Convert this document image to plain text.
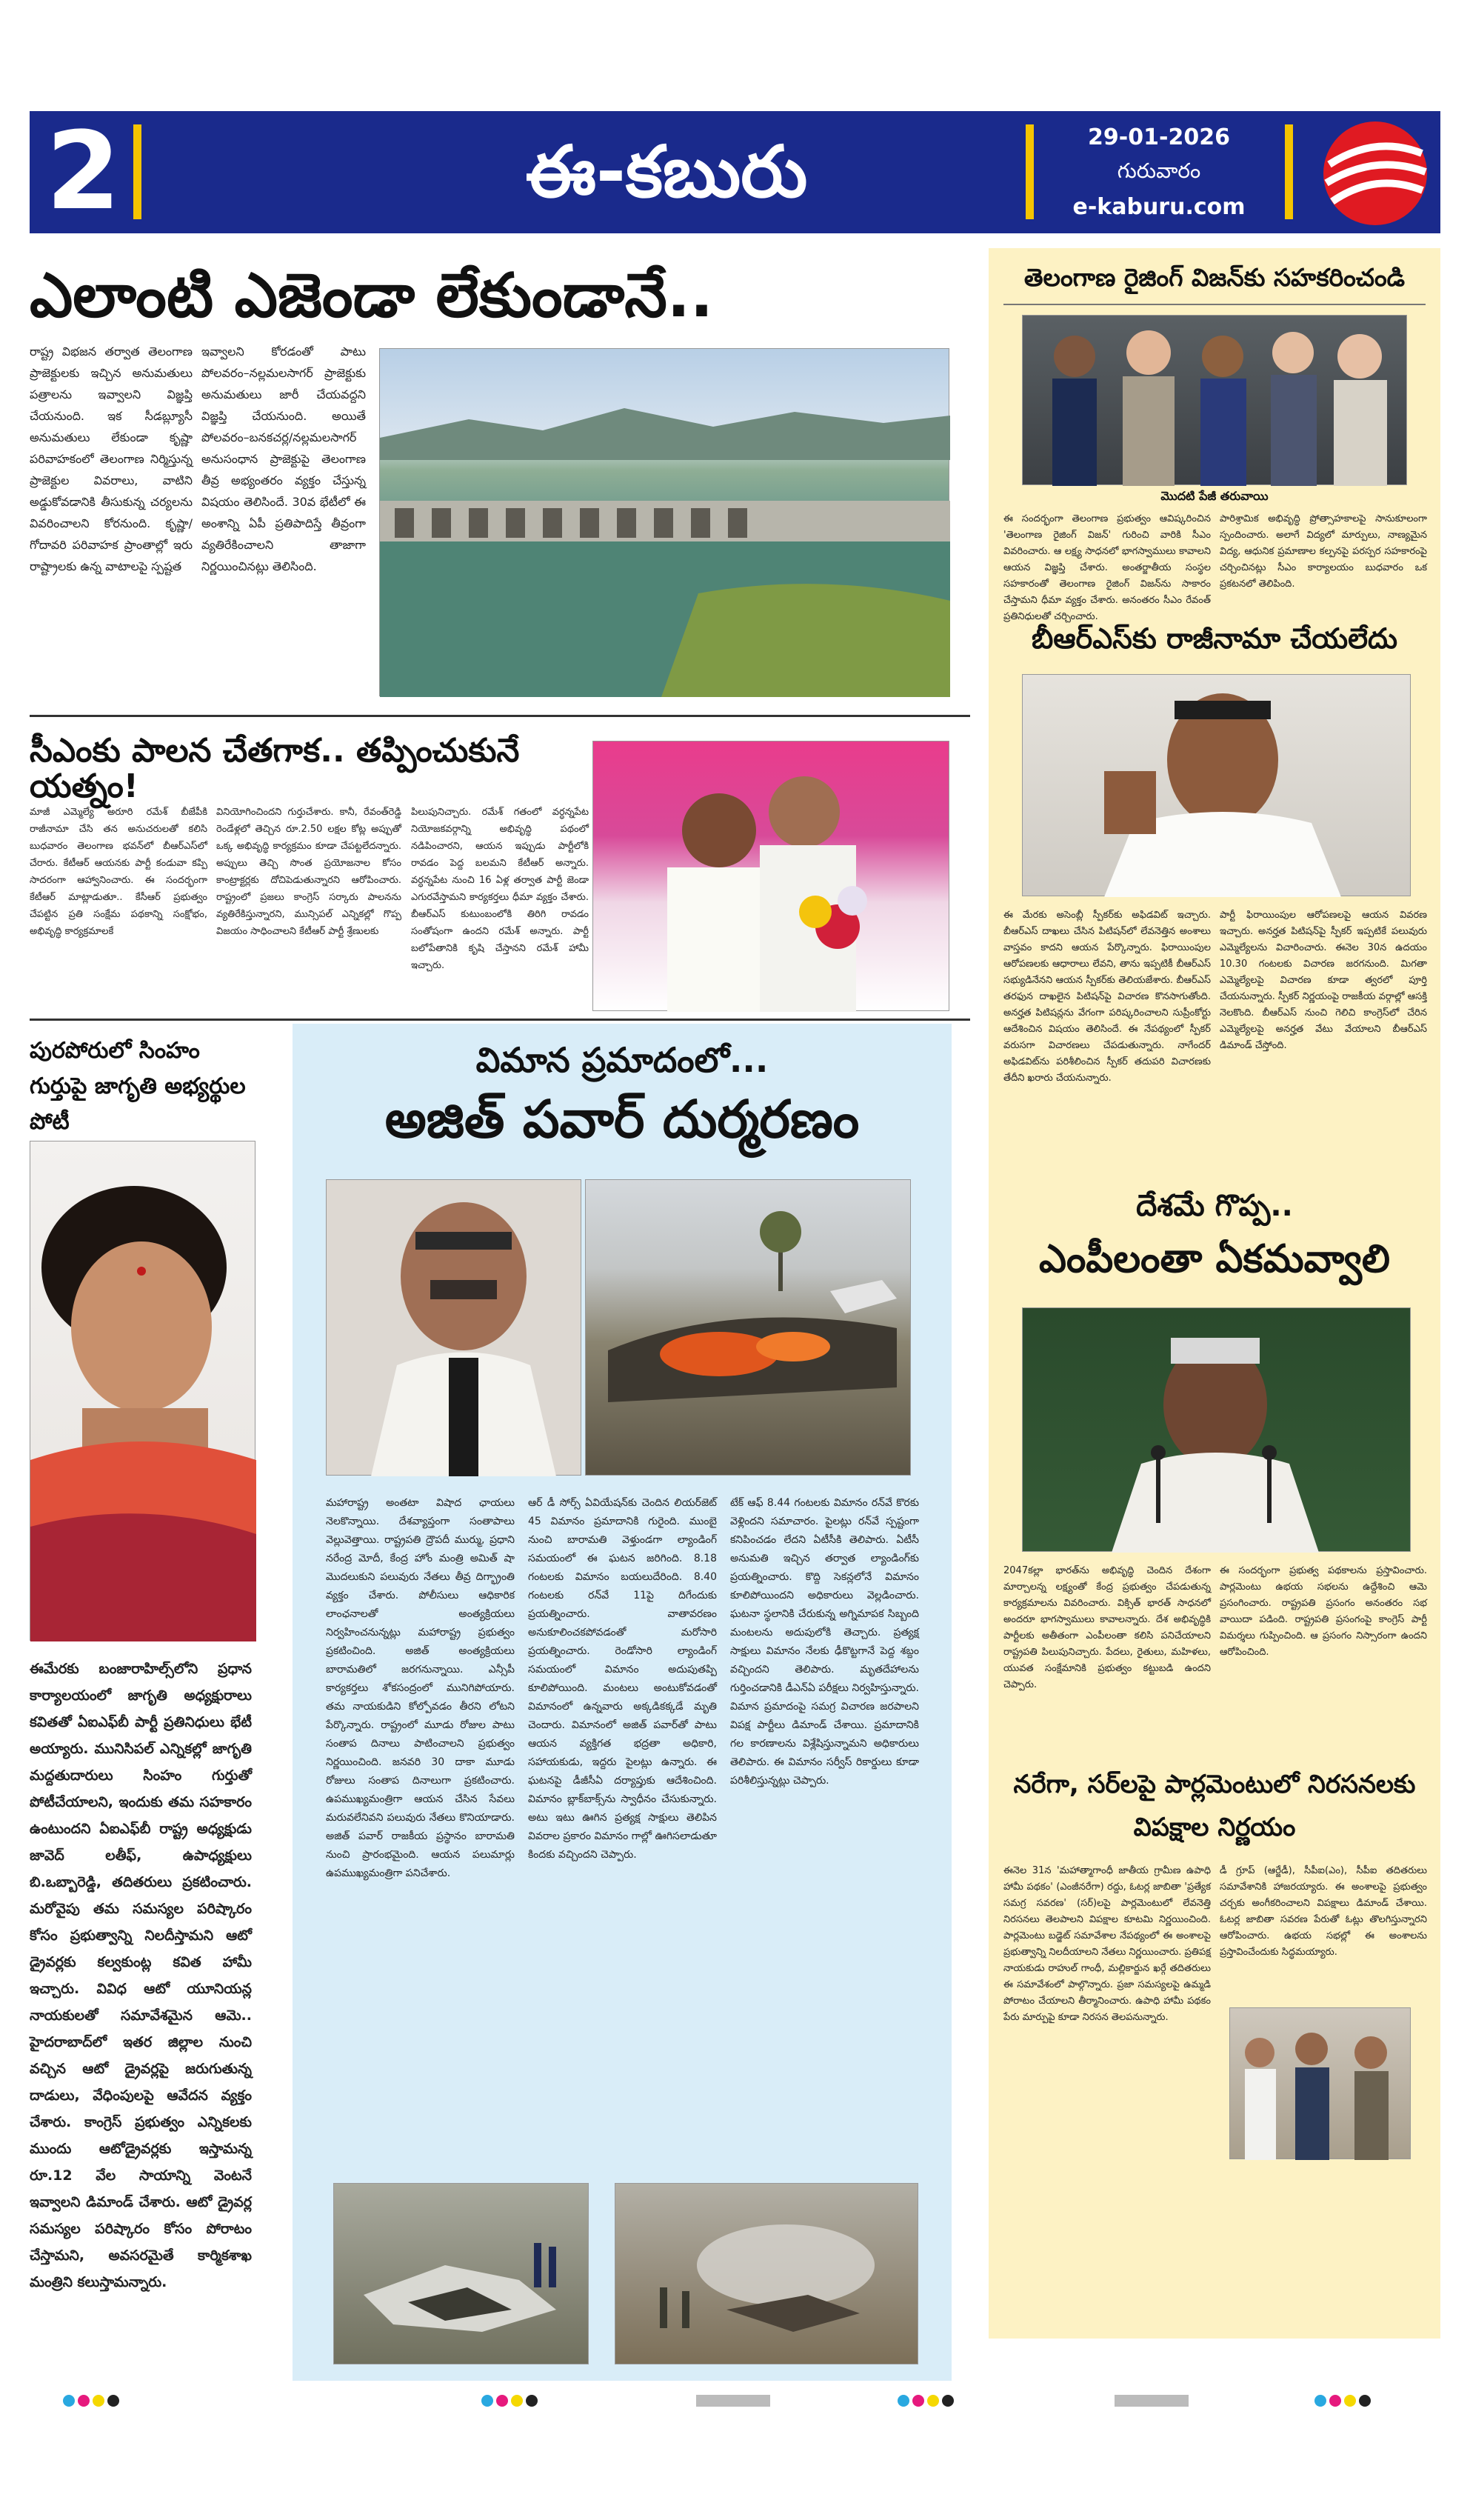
2	ఈ-కబురు	29-01-2026
గురువారం
e-kaburu.com
ఎలాంటి ఎజెండా లేకుండానే..
రాష్ట్ర విభజన తర్వాత తెలంగాణ ప్రాజెక్టులకు ఇచ్చిన అనుమతులు పత్రాలను ఇవ్వాలని విజ్ఞప్తి చేయనుంది. ఇక సీడబ్ల్యూసీ అనుమతులు లేకుండా కృష్ణా పరివాహకంలో తెలంగాణ నిర్మిస్తున్న ప్రాజెక్టుల వివరాలు, వాటిని అడ్డుకోవడానికి తీసుకున్న చర్యలను వివరించాలని కోరనుంది. కృష్ణా/గోదావరి పరివాహక ప్రాంతాల్లో ఇరు రాష్ట్రాలకు ఉన్న వాటాలపై స్పష్టత
ఇవ్వాలని కోరడంతో పాటు పోలవరం–నల్లమలసాగర్ ప్రాజెక్టుకు అనుమతులు జారీ చేయవద్దని విజ్ఞప్తి చేయనుంది. అయితే పోలవరం–బనకచర్ల/నల్లమలసాగర్ అనుసంధాన ప్రాజెక్టుపై తెలంగాణ తీవ్ర అభ్యంతరం వ్యక్తం చేస్తున్న విషయం తెలిసిందే. 30వ భేటీలో ఈ అంశాన్ని ఏపీ ప్రతిపాదిస్తే తీవ్రంగా వ్యతిరేకించాలని తాజాగా నిర్ణయించినట్లు తెలిసింది.
సీఎంకు పాలన చేతగాక.. తప్పించుకునే యత్నం!
మాజీ ఎమ్మెల్యే అరూరి రమేశ్ బీజేపీకి రాజీనామా చేసి తన అనుచరులతో కలిసి బుధవారం తెలంగాణ భవన్‌లో బీఆర్‌ఎస్‌లో చేరారు. కేటీఆర్ ఆయనకు పార్టీ కండువా కప్పి సాదరంగా ఆహ్వానించారు. ఈ సందర్భంగా కేటీఆర్ మాట్లాడుతూ.. కేసీఆర్ ప్రభుత్వం చేపట్టిన ప్రతి సంక్షేమ పథకాన్ని సంక్షోభం, అభివృద్ధి కార్యక్రమాలకే
వినియోగించిందని గుర్తుచేశారు. కానీ, రేవంత్‌రెడ్డి రెండేళ్లలో తెచ్చిన రూ.2.50 లక్షల కోట్ల అప్పుతో ఒక్క అభివృద్ధి కార్యక్రమం కూడా చేపట్టలేదన్నారు. అప్పులు తెచ్చి సొంత ప్రయోజనాల కోసం కాంట్రాక్టర్లకు దోచిపెడుతున్నారని ఆరోపించారు. రాష్ట్రంలో ప్రజలు కాంగ్రెస్ సర్కారు పాలనను వ్యతిరేకిస్తున్నారని, మున్సిపల్ ఎన్నికల్లో గొప్ప విజయం సాధించాలని కేటీఆర్ పార్టీ శ్రేణులకు
పిలుపునిచ్చారు. రమేశ్ గతంలో వర్ధన్నపేట నియోజకవర్గాన్ని అభివృద్ధి పథంలో నడిపించారని, ఆయన ఇప్పుడు పార్టీలోకి రావడం పెద్ద బలమని కేటీఆర్ అన్నారు. వర్ధన్నపేట నుంచి 16 ఏళ్ల తర్వాత పార్టీ జెండా ఎగురవేస్తామని కార్యకర్తలు ధీమా వ్యక్తం చేశారు. బీఆర్‌ఎస్ కుటుంబంలోకి తిరిగి రావడం సంతోషంగా ఉందని రమేశ్ అన్నారు. పార్టీ బలోపేతానికి కృషి చేస్తానని రమేశ్ హామీ ఇచ్చారు.
పురపోరులో సింహం గుర్తుపై జాగృతి అభ్యర్థుల పోటీ
ఈమేరకు బంజారాహిల్స్‌లోని ప్రధాన కార్యాలయంలో జాగృతి అధ్యక్షురాలు కవితతో ఏఐఎఫ్‌బీ పార్టీ ప్రతినిధులు భేటీ అయ్యారు. మునిసిపల్ ఎన్నికల్లో జాగృతి మద్దతుదారులు సింహం గుర్తుతో పోటీచేయాలని, ఇందుకు తమ సహకారం ఉంటుందని ఏఐఎఫ్‌బీ రాష్ట్ర అధ్యక్షుడు జావెద్ లతీఫ్, ఉపాధ్యక్షులు బి.ఒబ్బారెడ్డి, తదితరులు ప్రకటించారు. మరోవైపు తమ సమస్యల పరిష్కారం కోసం ప్రభుత్వాన్ని నిలదీస్తామని ఆటో డ్రైవర్లకు కల్వకుంట్ల కవిత హామీ ఇచ్చారు. వివిధ ఆటో యూనియన్ల నాయకులతో సమావేశమైన ఆమె.. హైదరాబాద్‌లో ఇతర జిల్లాల నుంచి వచ్చిన ఆటో డ్రైవర్లపై జరుగుతున్న దాడులు, వేధింపులపై ఆవేదన వ్యక్తం చేశారు. కాంగ్రెస్ ప్రభుత్వం ఎన్నికలకు ముందు ఆటోడ్రైవర్లకు ఇస్తామన్న రూ.12 వేల సాయాన్ని వెంటనే ఇవ్వాలని డిమాండ్ చేశారు. ఆటో డ్రైవర్ల సమస్యల పరిష్కారం కోసం పోరాటం చేస్తామని, అవసరమైతే కార్మికశాఖ మంత్రిని కలుస్తామన్నారు.
విమాన ప్రమాదంలో...
అజిత్ పవార్ దుర్మరణం
మహారాష్ట్ర అంతటా విషాద ఛాయలు నెలకొన్నాయి. దేశవ్యాప్తంగా సంతాపాలు వెల్లువెత్తాయి. రాష్ట్రపతి ద్రౌపదీ ముర్ము, ప్రధాని నరేంద్ర మోదీ, కేంద్ర హోం మంత్రి అమిత్ షా మొదలుకుని పలువురు నేతలు తీవ్ర దిగ్భ్రాంతి వ్యక్తం చేశారు. పోలీసులు ఆధికారిక లాంఛనాలతో అంత్యక్రియలు నిర్వహించనున్నట్లు మహారాష్ట్ర ప్రభుత్వం ప్రకటించింది. అజిత్ అంత్యక్రియలు బారామతిలో జరగనున్నాయి. ఎన్సీపీ కార్యకర్తలు శోకసంద్రంలో మునిగిపోయారు. తమ నాయకుడిని కోల్పోవడం తీరని లోటని పేర్కొన్నారు. రాష్ట్రంలో మూడు రోజుల పాటు సంతాప దినాలు పాటించాలని ప్రభుత్వం నిర్ణయించింది. జనవరి 30 దాకా మూడు రోజులు సంతాప దినాలుగా ప్రకటించారు. ఉపముఖ్యమంత్రిగా ఆయన చేసిన సేవలు మరువలేనివని పలువురు నేతలు కొనియాడారు. అజిత్ పవార్ రాజకీయ ప్రస్థానం బారామతి నుంచి ప్రారంభమైంది. ఆయన పలుమార్లు ఉపముఖ్యమంత్రిగా పనిచేశారు.
ఆర్ డీ సోర్స్ ఏవియేషన్‌కు చెందిన లియర్‌జెట్ 45 విమానం ప్రమాదానికి గురైంది. ముంబై నుంచి బారామతి వెళ్తుండగా ల్యాండింగ్ సమయంలో ఈ ఘటన జరిగింది. 8.18 గంటలకు విమానం బయలుదేరింది. 8.40 గంటలకు రన్‌వే 11పై దిగేందుకు ప్రయత్నించారు. వాతావరణం అనుకూలించకపోవడంతో మరోసారి ప్రయత్నించారు. రెండోసారి ల్యాండింగ్ సమయంలో విమానం అదుపుతప్పి కూలిపోయింది. మంటలు అంటుకోవడంతో విమానంలో ఉన్నవారు అక్కడికక్కడే మృతి చెందారు. విమానంలో అజిత్ పవార్‌తో పాటు ఆయన వ్యక్తిగత భద్రతా అధికారి, సహాయకుడు, ఇద్దరు పైలట్లు ఉన్నారు. ఈ ఘటనపై డీజీసీఏ దర్యాప్తుకు ఆదేశించింది. విమానం బ్లాక్‌బాక్స్‌ను స్వాధీనం చేసుకున్నారు. అటు ఇటు ఊగిన ప్రత్యక్ష సాక్షులు తెలిపిన వివరాల ప్రకారం విమానం గాల్లో ఊగిసలాడుతూ కిందకు వచ్చిందని చెప్పారు.
టేక్ ఆఫ్ 8.44 గంటలకు విమానం రన్‌వే కొరకు వెళ్లిందని సమాచారం. పైలట్లు రన్‌వే స్పష్టంగా కనిపించడం లేదని ఏటీసీకి తెలిపారు. ఏటీసీ అనుమతి ఇచ్చిన తర్వాత ల్యాండింగ్‌కు ప్రయత్నించారు. కొద్ది సెకన్లలోనే విమానం కూలిపోయిందని అధికారులు వెల్లడించారు. ఘటనా స్థలానికి చేరుకున్న అగ్నిమాపక సిబ్బంది మంటలను అదుపులోకి తెచ్చారు. ప్రత్యక్ష సాక్షులు విమానం నేలకు ఢీకొట్టగానే పెద్ద శబ్దం వచ్చిందని తెలిపారు. మృతదేహాలను గుర్తించడానికి డీఎన్‌ఏ పరీక్షలు నిర్వహిస్తున్నారు. విమాన ప్రమాదంపై సమగ్ర విచారణ జరపాలని విపక్ష పార్టీలు డిమాండ్ చేశాయి. ప్రమాదానికి గల కారణాలను విశ్లేషిస్తున్నామని అధికారులు తెలిపారు. ఈ విమానం సర్వీస్ రికార్డులు కూడా పరిశీలిస్తున్నట్లు చెప్పారు.
తెలంగాణ రైజింగ్ విజన్‌కు సహకరించండి
మొదటి పేజీ తరువాయి
ఈ సందర్భంగా తెలంగాణ ప్రభుత్వం ఆవిష్కరించిన 'తెలంగాణ రైజింగ్ విజన్' గురించి వారికి సీఎం వివరించారు. ఆ లక్ష్య సాధనలో భాగస్వాములు కావాలని ఆయన విజ్ఞప్తి చేశారు. అంతర్జాతీయ సంస్థల సహకారంతో తెలంగాణ రైజింగ్ విజన్‌ను సాకారం చేస్తామని ధీమా వ్యక్తం చేశారు. అనంతరం సీఎం రేవంత్ ప్రతినిధులతో చర్చించారు.
పారిశ్రామిక అభివృద్ధి ప్రోత్సాహకాలపై సానుకూలంగా స్పందించారు. అలాగే విద్యలో మార్పులు, నాణ్యమైన విద్య, ఆధునిక ప్రమాణాల కల్పనపై పరస్పర సహకారంపై చర్చించినట్లు సీఎం కార్యాలయం బుధవారం ఒక ప్రకటనలో తెలిపింది.
బీఆర్ఎస్‌కు రాజీనామా చేయలేదు
ఈ మేరకు అసెంబ్లీ స్పీకర్‌కు అఫిడవిట్ ఇచ్చారు. బీఆర్ఎస్ దాఖలు చేసిన పిటిషన్‌లో లేవనెత్తిన అంశాలు వాస్తవం కాదని ఆయన పేర్కొన్నారు. ఫిరాయింపుల ఆరోపణలకు ఆధారాలు లేవని, తాను ఇప్పటికీ బీఆర్ఎస్ సభ్యుడినేనని ఆయన స్పీకర్‌కు తెలియజేశారు. బీఆర్ఎస్ తరఫున దాఖలైన పిటిషన్‌పై విచారణ కొనసాగుతోంది. అనర్హత పిటిషన్లను వేగంగా పరిష్కరించాలని సుప్రీంకోర్టు ఆదేశించిన విషయం తెలిసిందే. ఈ నేపథ్యంలో స్పీకర్ వరుసగా విచారణలు చేపడుతున్నారు. నాగేందర్ అఫిడవిట్‌ను పరిశీలించిన స్పీకర్ తదుపరి విచారణకు తేదీని ఖరారు చేయనున్నారు.
పార్టీ ఫిరాయింపుల ఆరోపణలపై ఆయన వివరణ ఇచ్చారు. అనర్హత పిటిషన్‌పై స్పీకర్ ఇప్పటికే పలువురు ఎమ్మెల్యేలను విచారించారు. ఈనెల 30న ఉదయం 10.30 గంటలకు విచారణ జరగనుంది. మిగతా ఎమ్మెల్యేలపై విచారణ కూడా త్వరలో పూర్తి చేయనున్నారు. స్పీకర్ నిర్ణయంపై రాజకీయ వర్గాల్లో ఆసక్తి నెలకొంది. బీఆర్ఎస్ నుంచి గెలిచి కాంగ్రెస్‌లో చేరిన ఎమ్మెల్యేలపై అనర్హత వేటు వేయాలని బీఆర్ఎస్ డిమాండ్ చేస్తోంది.
దేశమే గొప్ప..
ఎంపీలంతా ఏకమవ్వాలి
2047కల్లా భారత్‌ను అభివృద్ధి చెందిన దేశంగా మార్చాలన్న లక్ష్యంతో కేంద్ర ప్రభుత్వం చేపడుతున్న కార్యక్రమాలను వివరించారు. విక్సిత్ భారత్ సాధనలో అందరూ భాగస్వాములు కావాలన్నారు. దేశ అభివృద్ధికి పార్టీలకు అతీతంగా ఎంపీలంతా కలిసి పనిచేయాలని రాష్ట్రపతి పిలుపునిచ్చారు. పేదలు, రైతులు, మహిళలు, యువత సంక్షేమానికి ప్రభుత్వం కట్టుబడి ఉందని చెప్పారు.
ఈ సందర్భంగా ప్రభుత్వ పథకాలను ప్రస్తావించారు. పార్లమెంటు ఉభయ సభలను ఉద్దేశించి ఆమె ప్రసంగించారు. రాష్ట్రపతి ప్రసంగం అనంతరం సభ వాయిదా పడింది. రాష్ట్రపతి ప్రసంగంపై కాంగ్రెస్ పార్టీ విమర్శలు గుప్పించింది. ఆ ప్రసంగం నిస్సారంగా ఉందని ఆరోపించింది.
నరేగా, సర్‌లపై పార్లమెంటులో నిరసనలకు విపక్షాల నిర్ణయం
ఈనెల 31న 'మహాత్మాగాంధీ జాతీయ గ్రామీణ ఉపాధి హామీ పథకం' (ఎంజీనరేగా) రద్దు, ఓటర్ల జాబితా 'ప్రత్యేక సమగ్ర సవరణ' (సర్)లపై పార్లమెంటులో లేవనెత్తి నిరసనలు తెలపాలని విపక్షాల కూటమి నిర్ణయించింది. పార్లమెంటు బడ్జెట్ సమావేశాల నేపథ్యంలో ఈ అంశాలపై ప్రభుత్వాన్ని నిలదీయాలని నేతలు నిర్ణయించారు. ప్రతిపక్ష నాయకుడు రాహుల్ గాంధీ, మల్లికార్జున ఖర్గే తదితరులు ఈ సమావేశంలో పాల్గొన్నారు. ప్రజా సమస్యలపై ఉమ్మడి పోరాటం చేయాలని తీర్మానించారు. ఉపాధి హామీ పథకం పేరు మార్పుపై కూడా నిరసన తెలపనున్నారు.
డీ గ్రూప్ (ఆర్జేడీ), సీపీఐ(ఎం), సీపీఐ తదితరులు సమావేశానికి హాజరయ్యారు. ఈ అంశాలపై ప్రభుత్వం చర్చకు అంగీకరించాలని విపక్షాలు డిమాండ్ చేశాయి. ఓటర్ల జాబితా సవరణ పేరుతో ఓట్లు తొలగిస్తున్నారని ఆరోపించారు. ఉభయ సభల్లో ఈ అంశాలను ప్రస్తావించేందుకు సిద్ధమయ్యారు.
